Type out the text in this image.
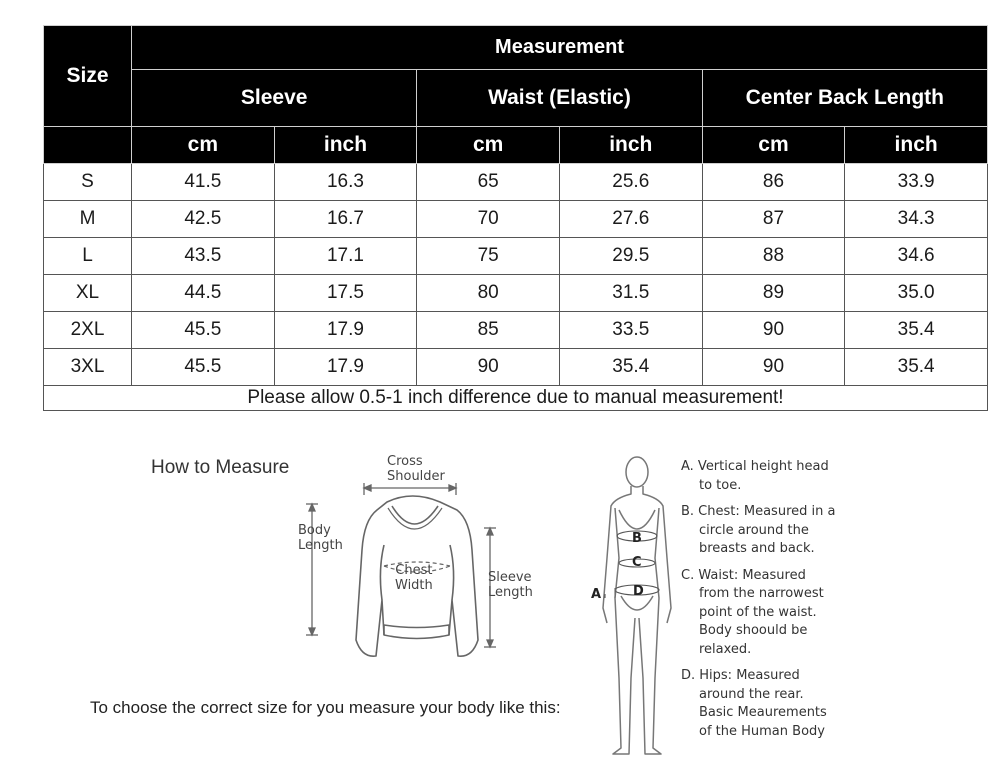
Size	Measurement					
	Sleeve		Waist (Elastic)		Center Back Length	
	cm	inch	cm	inch	cm	inch
S	41.5	16.3	65	25.6	86	33.9
M	42.5	16.7	70	27.6	87	34.3
L	43.5	17.1	75	29.5	88	34.6
XL	44.5	17.5	80	31.5	89	35.0
2XL	45.5	17.9	85	33.5	90	35.4
3XL	45.5	17.9	90	35.4	90	35.4
Please allow 0.5-1 inch difference due to manual measurement!						
How to Measure	Cross
Shoulder
Body
Length
Chest
Width
Sleeve
Length
B
C
D
A
A. Vertical height head
to toe.
B. Chest: Measured in a
circle around the
breasts and back.
C. Waist: Measured
from the narrowest
point of the waist.
Body shoould be
relaxed.
D. Hips: Measured
around the rear.
Basic Meaurements
of the Human Body
To choose the correct size for you measure your body like this:
